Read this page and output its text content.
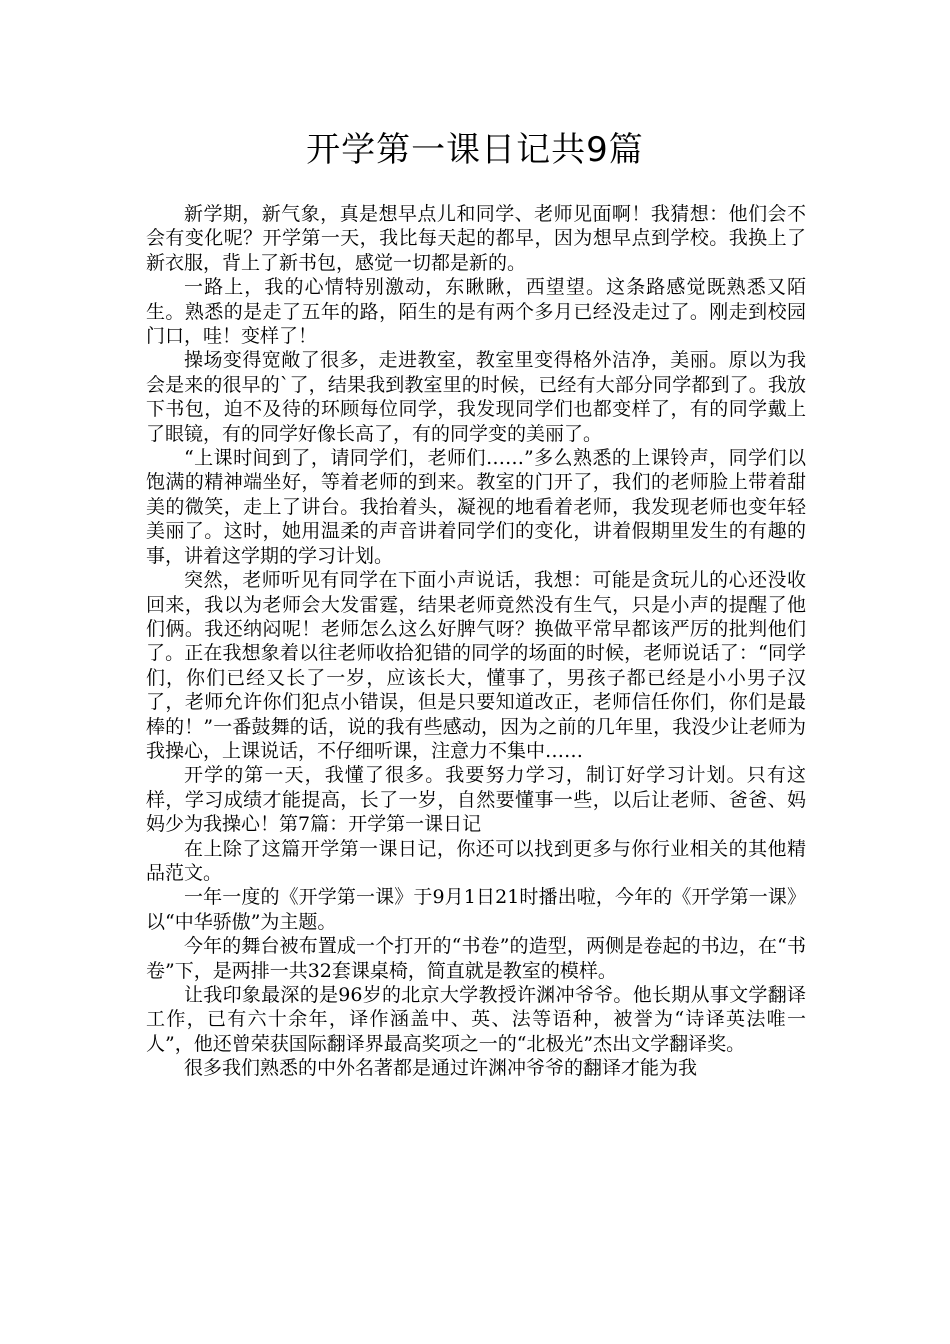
开学第一课日记共9篇

新学期，新气象，真是想早点儿和同学、老师见面啊！我猜想：他们会不会有变化呢？开学第一天，我比每天起的都早，因为想早点到学校。我换上了新衣服，背上了新书包，感觉一切都是新的。

一路上，我的心情特别激动，东瞅瞅，西望望。这条路感觉既熟悉又陌生。熟悉的是走了五年的路，陌生的是有两个多月已经没走过了。刚走到校园门口，哇！变样了！

操场变得宽敞了很多，走进教室，教室里变得格外洁净，美丽。原以为我会是来的很早的`了，结果我到教室里的时候，已经有大部分同学都到了。我放下书包，迫不及待的环顾每位同学，我发现同学们也都变样了，有的同学戴上了眼镜，有的同学好像长高了，有的同学变的美丽了。

“上课时间到了，请同学们，老师们……”多么熟悉的上课铃声，同学们以饱满的精神端坐好，等着老师的到来。教室的门开了，我们的老师脸上带着甜美的微笑，走上了讲台。我抬着头，凝视的地看着老师，我发现老师也变年轻美丽了。这时，她用温柔的声音讲着同学们的变化，讲着假期里发生的有趣的事，讲着这学期的学习计划。

突然，老师听见有同学在下面小声说话，我想：可能是贪玩儿的心还没收回来，我以为老师会大发雷霆，结果老师竟然没有生气，只是小声的提醒了他们俩。我还纳闷呢！老师怎么这么好脾气呀？换做平常早都该严厉的批判他们了。正在我想象着以往老师收拾犯错的同学的场面的时候，老师说话了：“同学们，你们已经又长了一岁，应该长大，懂事了，男孩子都已经是小小男子汉了，老师允许你们犯点小错误，但是只要知道改正，老师信任你们，你们是最棒的！”一番鼓舞的话，说的我有些感动，因为之前的几年里，我没少让老师为我操心，上课说话，不仔细听课，注意力不集中……

开学的第一天，我懂了很多。我要努力学习，制订好学习计划。只有这样，学习成绩才能提高，长了一岁，自然要懂事一些，以后让老师、爸爸、妈妈少为我操心！第7篇：开学第一课日记

在上除了这篇开学第一课日记，你还可以找到更多与你行业相关的其他精品范文。

一年一度的《开学第一课》于9月1日21时播出啦，今年的《开学第一课》以“中华骄傲”为主题。

今年的舞台被布置成一个打开的“书卷”的造型，两侧是卷起的书边，在“书卷”下，是两排一共32套课桌椅，简直就是教室的模样。

让我印象最深的是96岁的北京大学教授许渊冲爷爷。他长期从事文学翻译工作，已有六十余年，译作涵盖中、英、法等语种，被誉为“诗译英法唯一人”，他还曾荣获国际翻译界最高奖项之一的“北极光”杰出文学翻译奖。

很多我们熟悉的中外名著都是通过许渊冲爷爷的翻译才能为我
